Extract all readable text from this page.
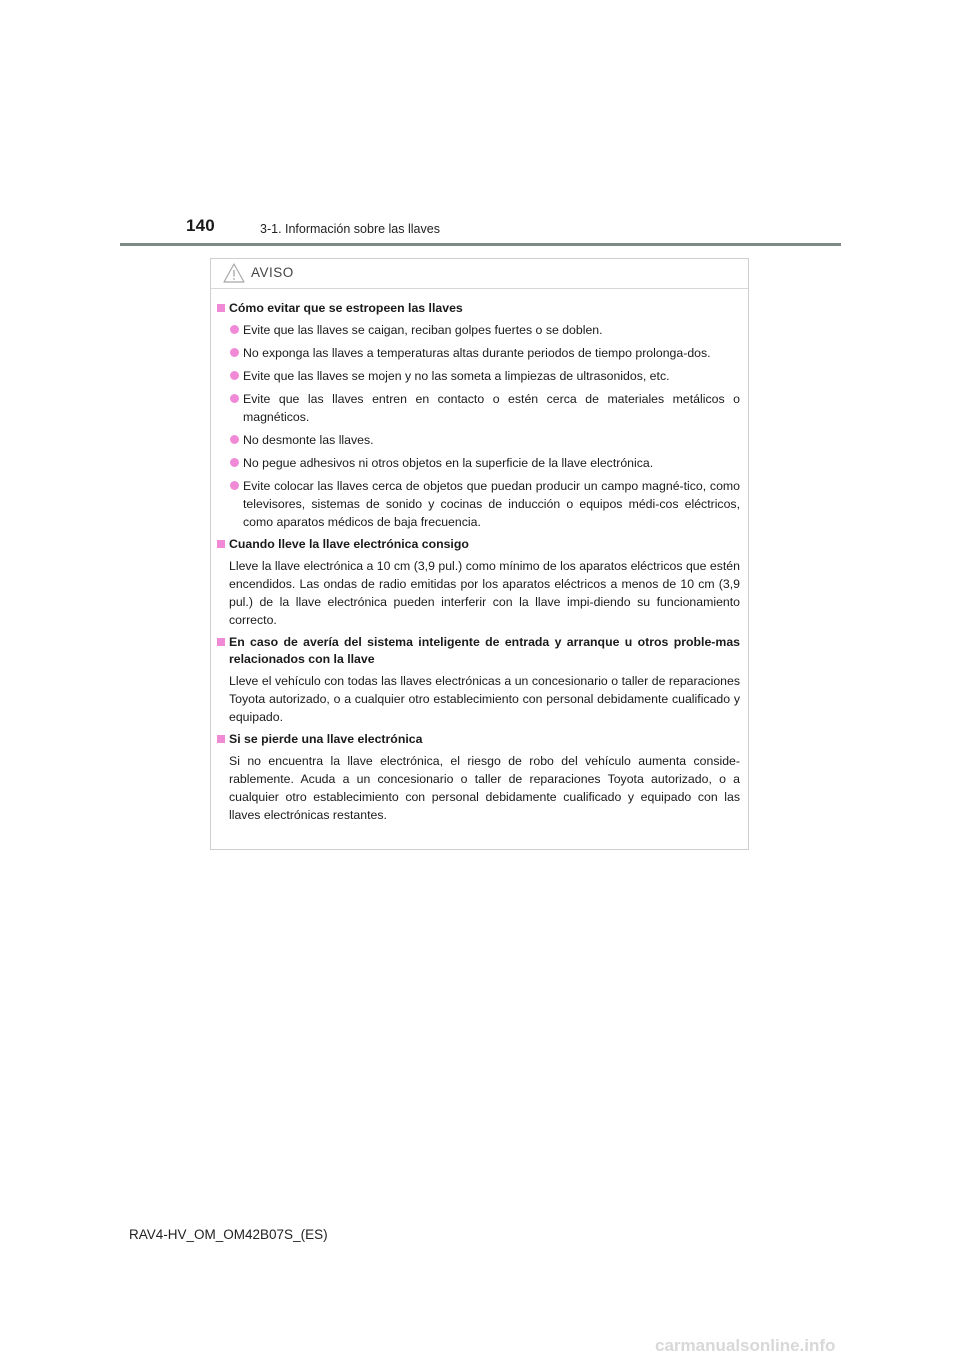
140	3-1. Información sobre las llaves
AVISO
Cómo evitar que se estropeen las llaves
Evite que las llaves se caigan, reciban golpes fuertes o se doblen.
No exponga las llaves a temperaturas altas durante periodos de tiempo prolonga-dos.
Evite que las llaves se mojen y no las someta a limpiezas de ultrasonidos, etc.
Evite que las llaves entren en contacto o estén cerca de materiales metálicos o magnéticos.
No desmonte las llaves.
No pegue adhesivos ni otros objetos en la superficie de la llave electrónica.
Evite colocar las llaves cerca de objetos que puedan producir un campo magné-tico, como televisores, sistemas de sonido y cocinas de inducción o equipos médi-cos eléctricos, como aparatos médicos de baja frecuencia.
Cuando lleve la llave electrónica consigo
Lleve la llave electrónica a 10 cm (3,9 pul.) como mínimo de los aparatos eléctricos que estén encendidos. Las ondas de radio emitidas por los aparatos eléctricos a menos de 10 cm (3,9 pul.) de la llave electrónica pueden interferir con la llave impi-diendo su funcionamiento correcto.
En caso de avería del sistema inteligente de entrada y arranque u otros proble-mas relacionados con la llave
Lleve el vehículo con todas las llaves electrónicas a un concesionario o taller de reparaciones Toyota autorizado, o a cualquier otro establecimiento con personal debidamente cualificado y equipado.
Si se pierde una llave electrónica
Si no encuentra la llave electrónica, el riesgo de robo del vehículo aumenta conside-rablemente. Acuda a un concesionario o taller de reparaciones Toyota autorizado, o a cualquier otro establecimiento con personal debidamente cualificado y equipado con las llaves electrónicas restantes.
RAV4-HV_OM_OM42B07S_(ES)
carmanualsonline.info
